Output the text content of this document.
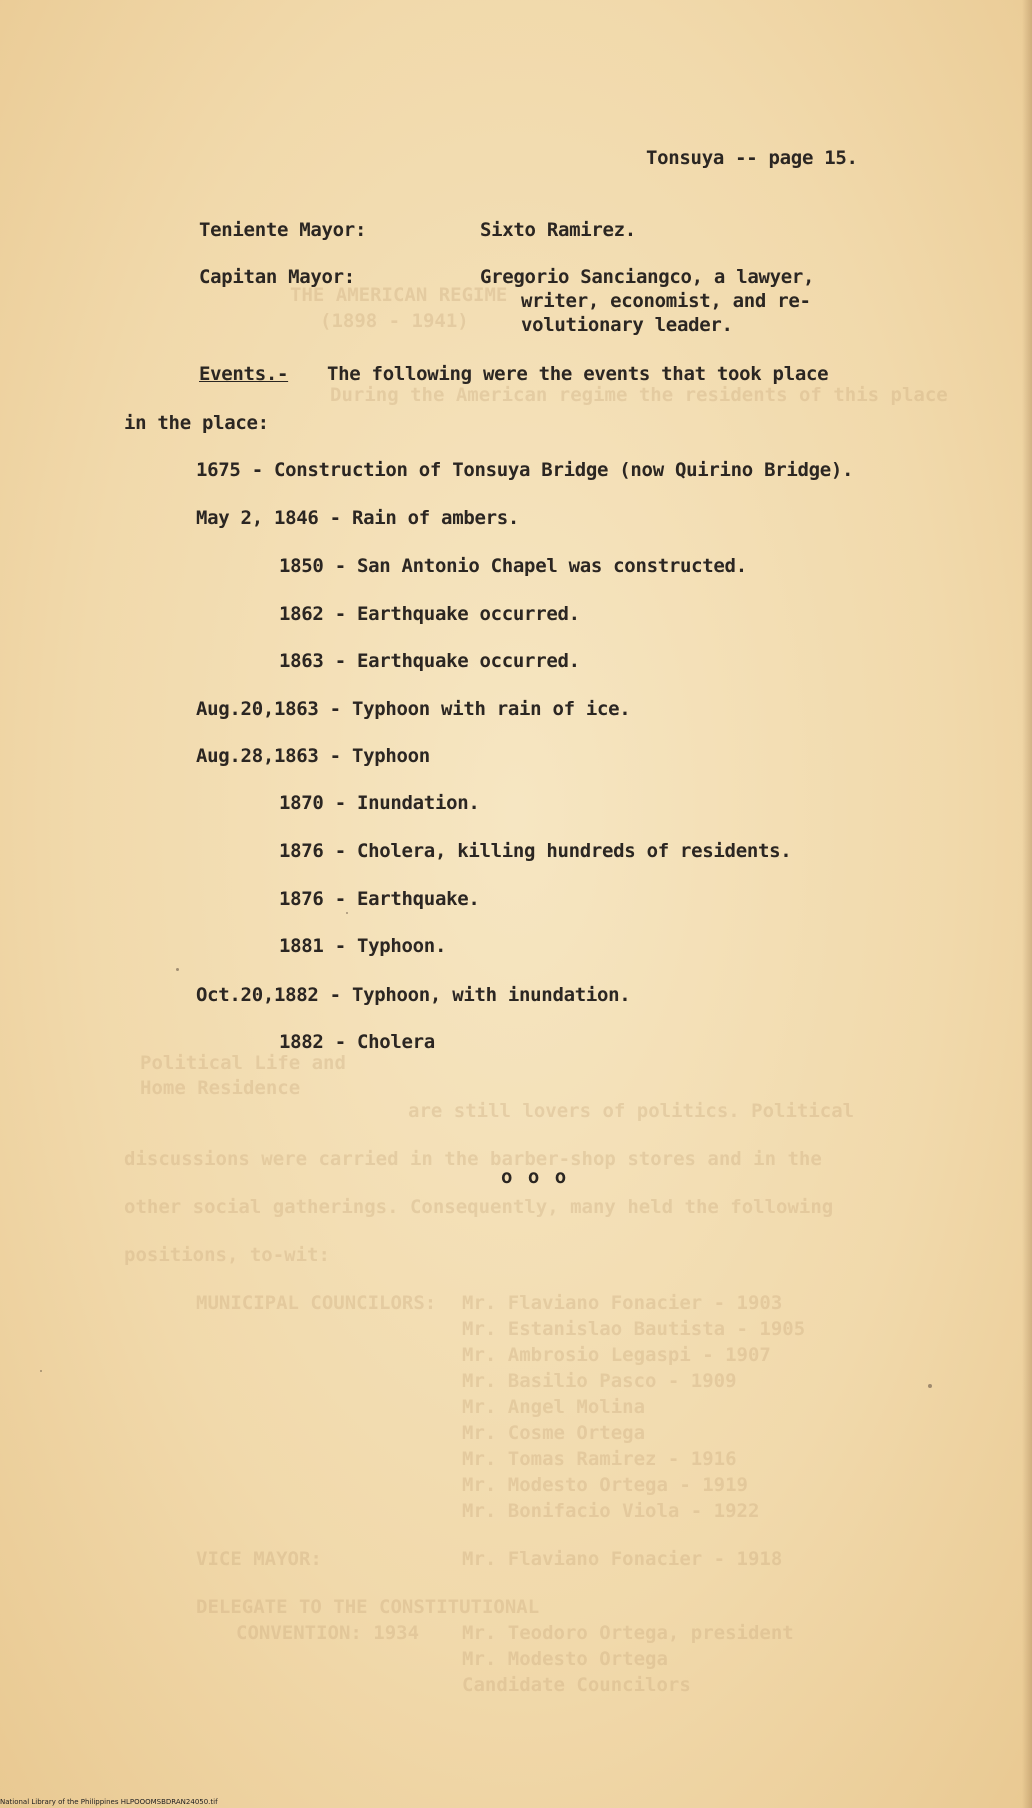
THE AMERICAN REGIME
(1898 - 1941)
During the American regime the residents of this place
Political Life and
Home Residence
are still lovers of politics. Political
discussions were carried in the barber-shop stores and in the
other social gatherings. Consequently, many held the following
positions, to-wit:
MUNICIPAL COUNCILORS: Mr. Flaviano Fonacier - 1903
Mr. Estanislao Bautista - 1905
Mr. Ambrosio Legaspi - 1907
Mr. Basilio Pasco - 1909
Mr. Angel Molina
Mr. Cosme Ortega
Mr. Tomas Ramirez - 1916
Mr. Modesto Ortega - 1919
Mr. Bonifacio Viola - 1922
VICE MAYOR:	Mr. Flaviano Fonacier - 1918
DELEGATE TO THE CONSTITUTIONAL
CONVENTION: 1934 Mr. Teodoro Ortega, president
Mr. Modesto Ortega
Candidate Councilors
Tonsuya -- page 15.
Teniente Mayor:	Sixto Ramirez.
Capitan Mayor:	Gregorio Sanciangco, a lawyer,
writer, economist, and re-
volutionary leader.
Events.- The following were the events that took place
in the place:
1675 - Construction of Tonsuya Bridge (now Quirino Bridge).
May 2, 1846 - Rain of ambers.
1850 - San Antonio Chapel was constructed.
1862 - Earthquake occurred.
1863 - Earthquake occurred.
Aug.20,1863 - Typhoon with rain of ice.
Aug.28,1863 - Typhoon
1870 - Inundation.
1876 - Cholera, killing hundreds of residents.
1876 - Earthquake.
1881 - Typhoon.
Oct.20,1882 - Typhoon, with inundation.
1882 - Cholera
o o o
National Library of the Philippines HLPOOOMSBDRAN24050.tif
